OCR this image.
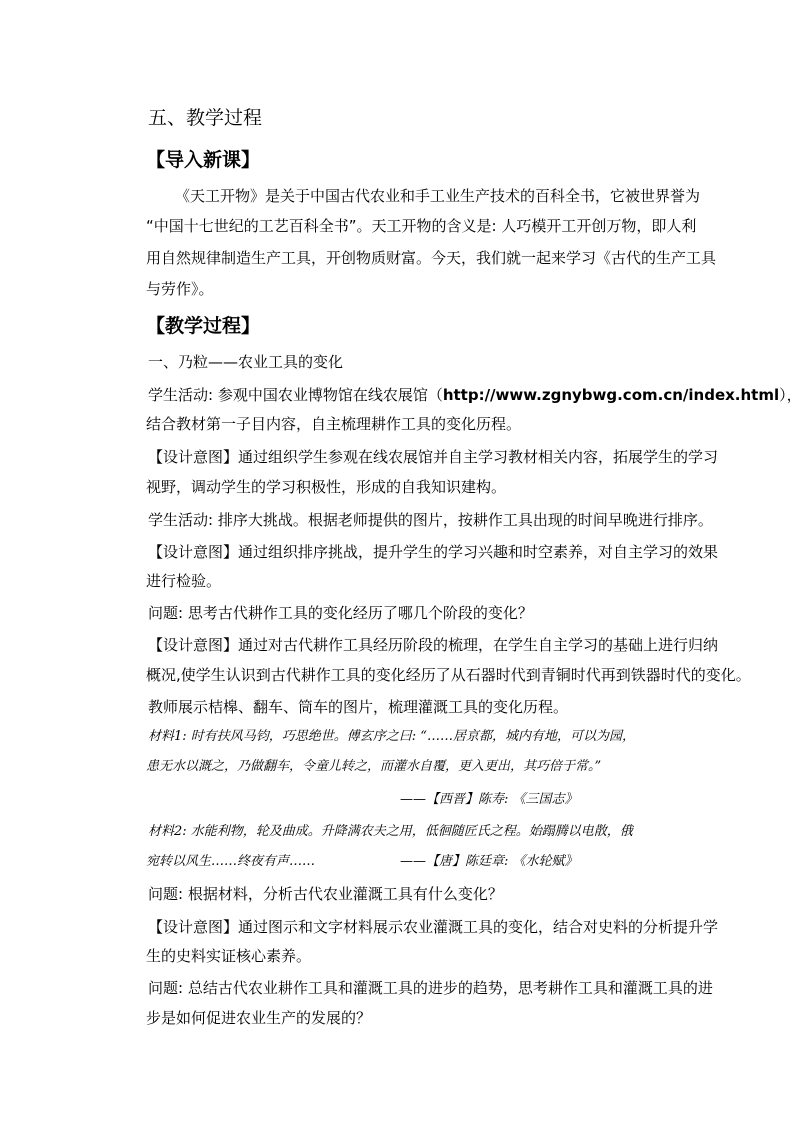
五、教学过程
【导入新课】
《天工开物》是关于中国古代农业和手工业生产技术的百科全书，它被世界誉为
“中国十七世纪的工艺百科全书”。天工开物的含义是: 人巧模开工开创万物，即人利
用自然规律制造生产工具，开创物质财富。今天，我们就一起来学习《古代的生产工具
与劳作》。
【教学过程】
一、乃粒——农业工具的变化
学生活动: 参观中国农业博物馆在线农展馆（http://www.zgnybwg.com.cn/index.html），
结合教材第一子目内容，自主梳理耕作工具的变化历程。
【设计意图】通过组织学生参观在线农展馆并自主学习教材相关内容，拓展学生的学习
视野，调动学生的学习积极性，形成的自我知识建构。
学生活动: 排序大挑战。根据老师提供的图片，按耕作工具出现的时间早晚进行排序。
【设计意图】通过组织排序挑战，提升学生的学习兴趣和时空素养，对自主学习的效果
进行检验。
问题: 思考古代耕作工具的变化经历了哪几个阶段的变化？
【设计意图】通过对古代耕作工具经历阶段的梳理，在学生自主学习的基础上进行归纳
概况,使学生认识到古代耕作工具的变化经历了从石器时代到青铜时代再到铁器时代的变化。
教师展示桔槔、翻车、筒车的图片，梳理灌溉工具的变化历程。
材料1: 时有扶风马钧，巧思绝世。傅玄序之曰: “……居京都，城内有地，可以为园，
患无水以溉之，乃做翻车，令童儿转之，而灌水自覆，更入更出，其巧倍于常。”
——【西晋】陈寿: 《三国志》
材料2: 水能利物，轮及曲成。升降满农夫之用，低徊随匠氏之程。始蹋腾以电散，俄
宛转以风生……终夜有声……	——【唐】陈廷章: 《水轮赋》
问题: 根据材料，分析古代农业灌溉工具有什么变化？
【设计意图】通过图示和文字材料展示农业灌溉工具的变化，结合对史料的分析提升学
生的史料实证核心素养。
问题: 总结古代农业耕作工具和灌溉工具的进步的趋势，思考耕作工具和灌溉工具的进
步是如何促进农业生产的发展的？
